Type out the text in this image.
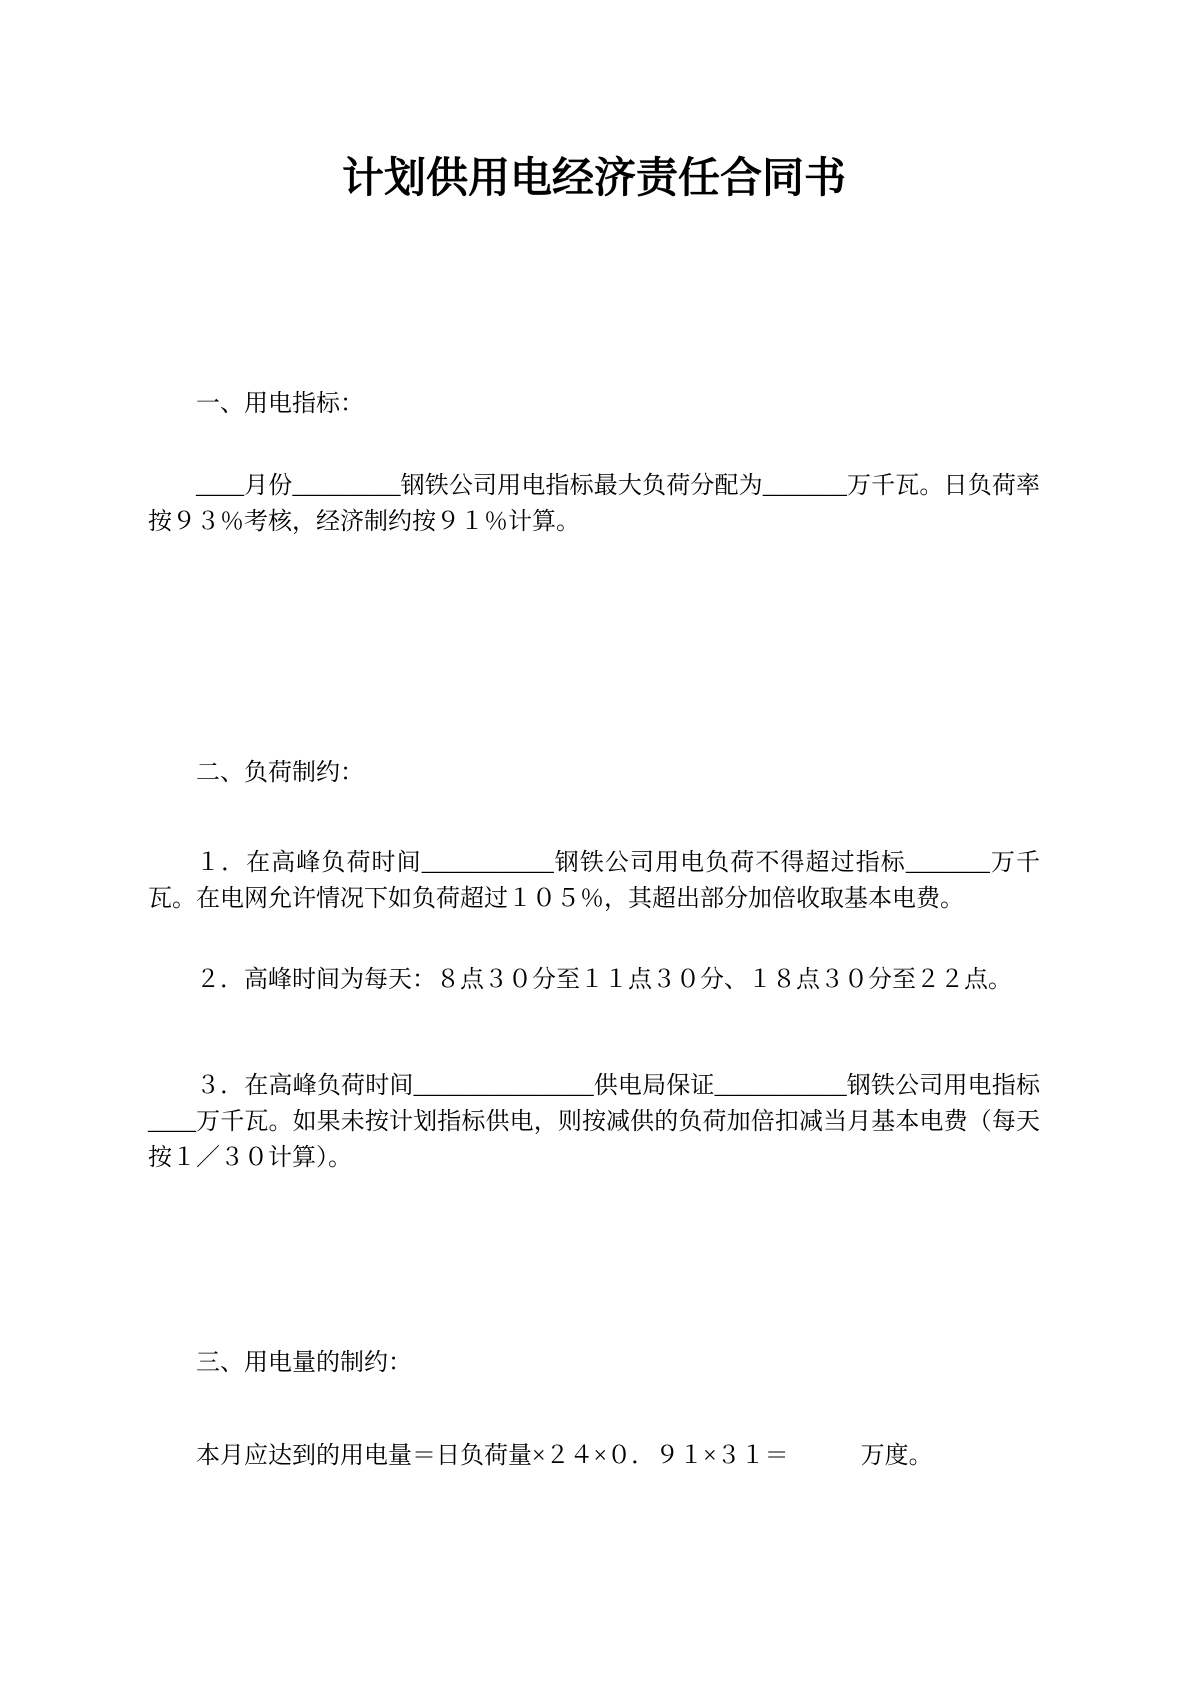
计划供用电经济责任合同书

一、用电指标：

____月份_________钢铁公司用电指标最大负荷分配为_______万千瓦。日负荷率按９３％考核，经济制约按９１％计算。

二、负荷制约：

１．在高峰负荷时间___________钢铁公司用电负荷不得超过指标_______万千瓦。在电网允许情况下如负荷超过１０５％，其超出部分加倍收取基本电费。

２．高峰时间为每天：８点３０分至１１点３０分、１８点３０分至２２点。

３．在高峰负荷时间_______________供电局保证___________钢铁公司用电指标____万千瓦。如果未按计划指标供电，则按减供的负荷加倍扣减当月基本电费（每天按１／３０计算）。

三、用电量的制约：

本月应达到的用电量＝日负荷量×２４×０．９１×３１＝　　　万度。
